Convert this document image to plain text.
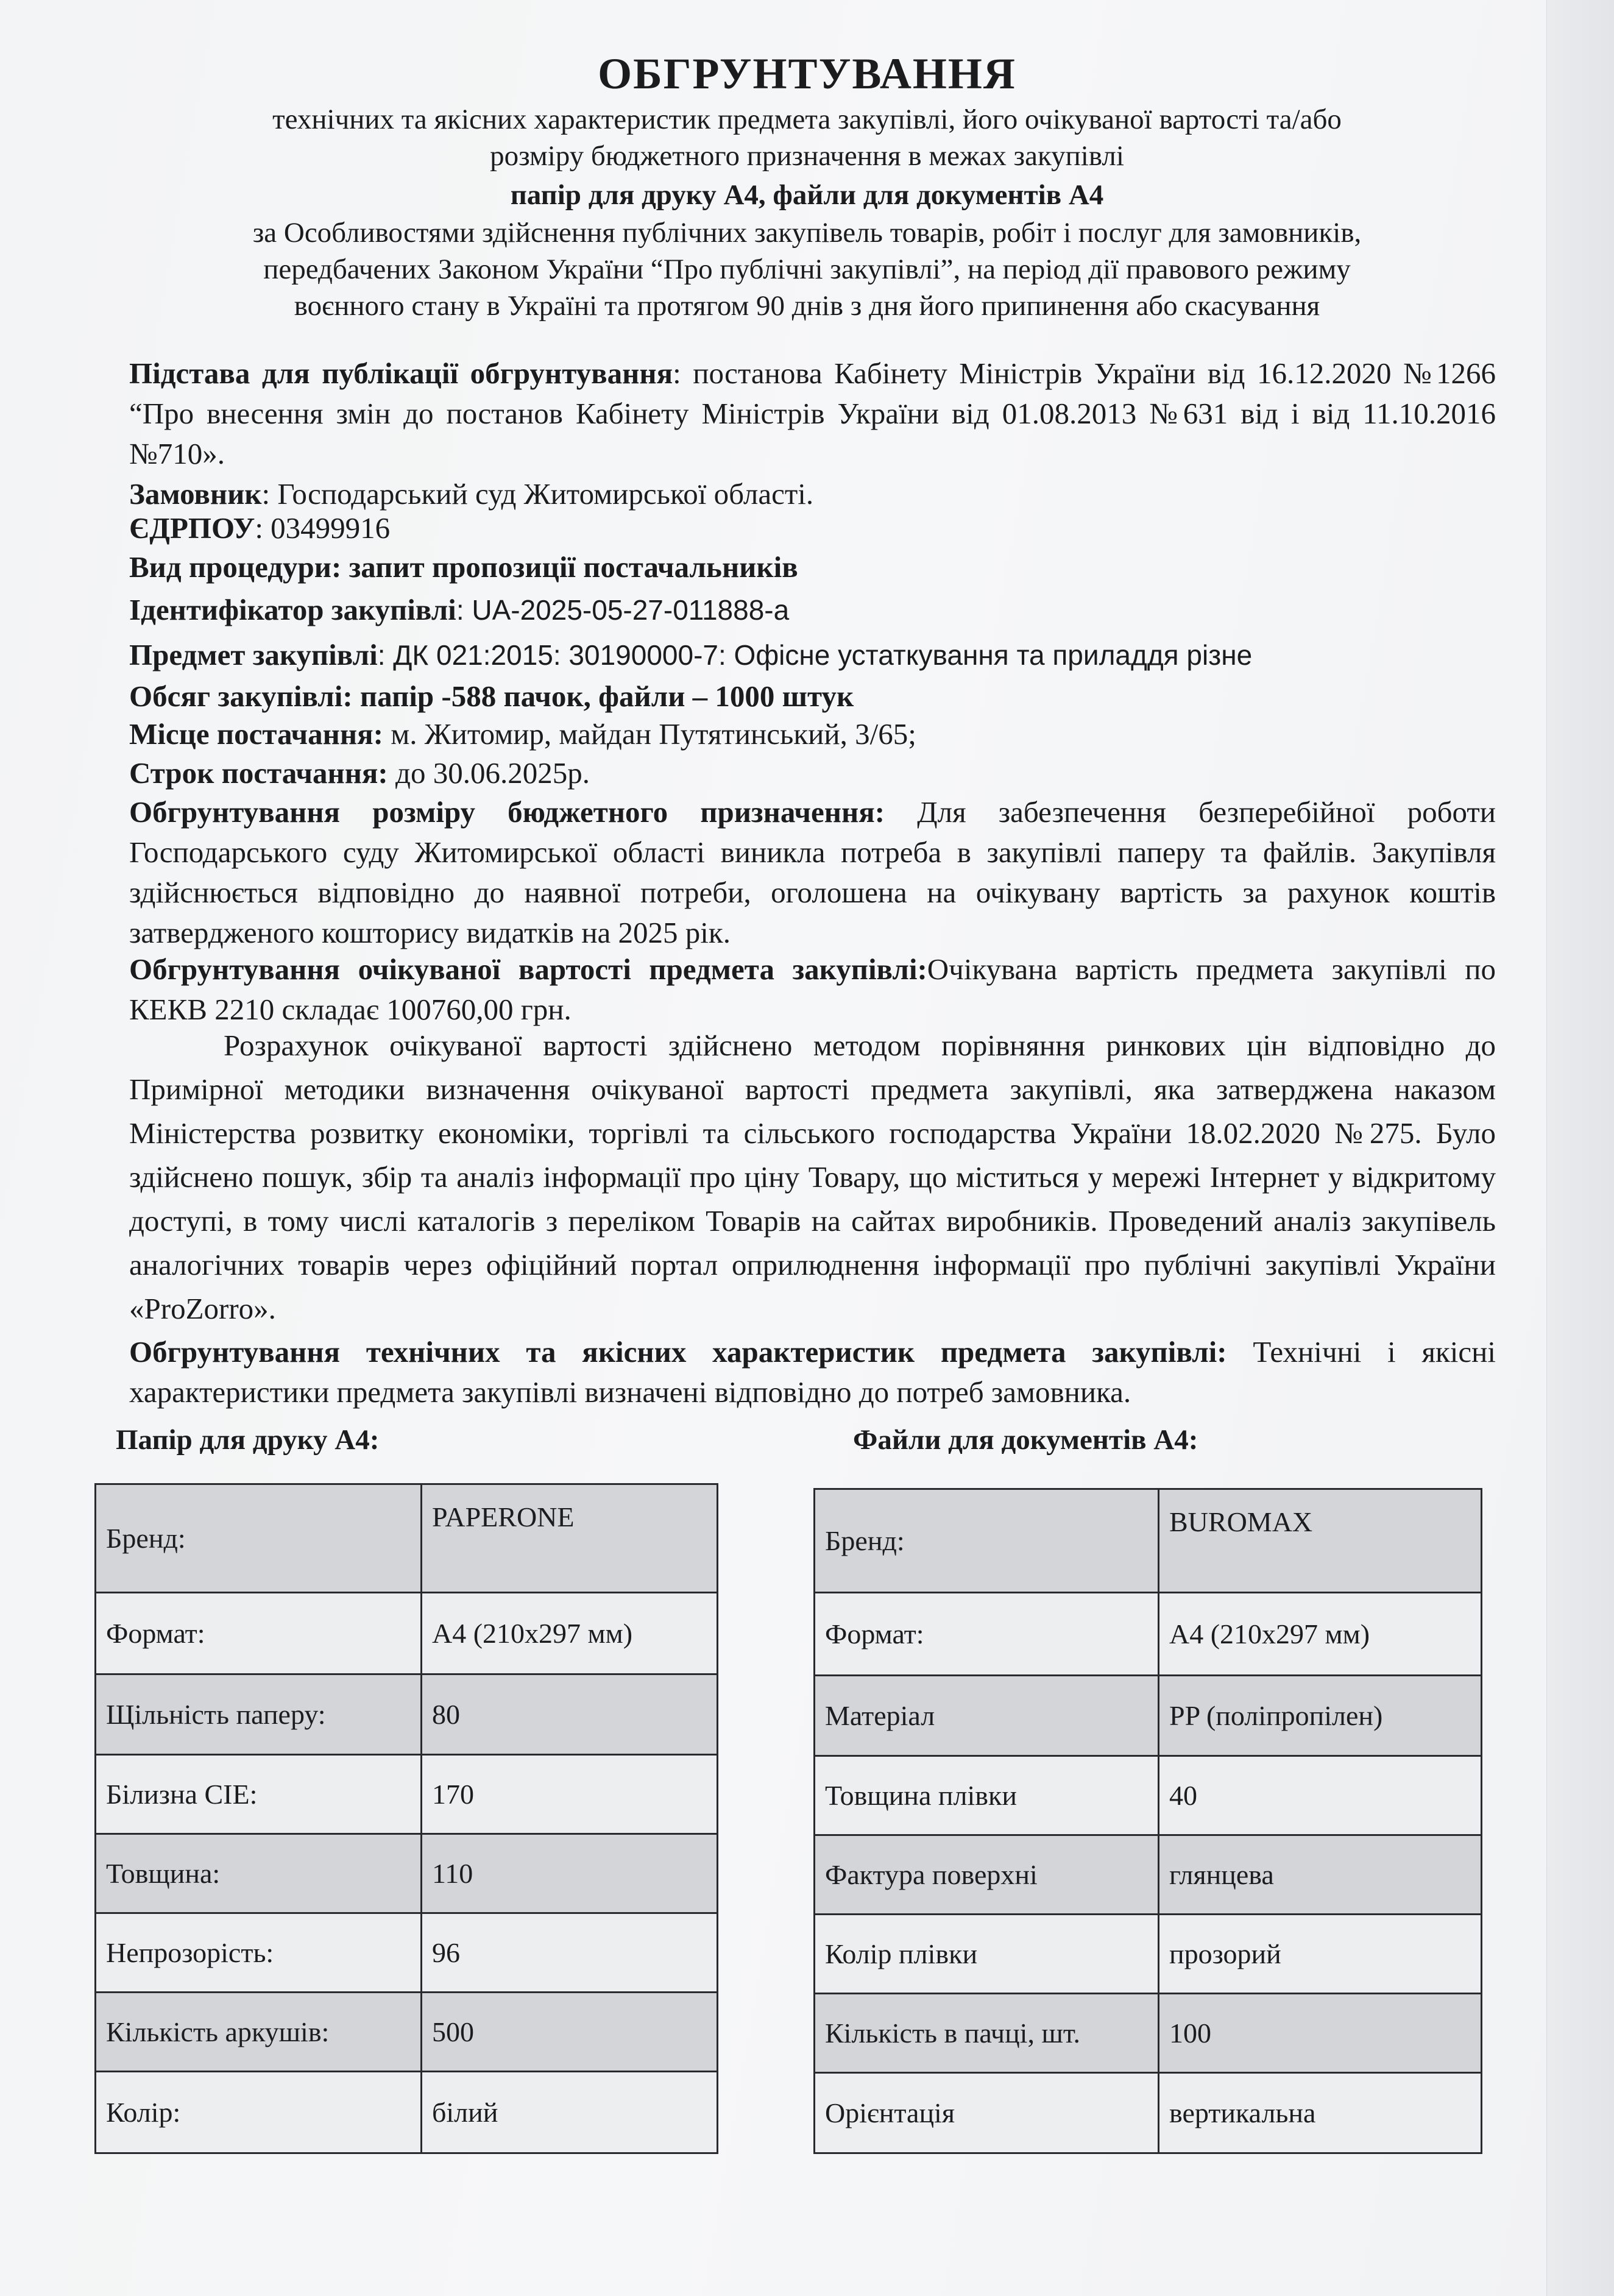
ОБГРУНТУВАННЯ
технічних та якісних характеристик предмета закупівлі, його очікуваної вартості та/або
розміру бюджетного призначення в межах закупівлі
папір для друку А4, файли для документів А4
за Особливостями здійснення публічних закупівель товарів, робіт і послуг для замовників,
передбачених Законом України “Про публічні закупівлі”, на період дії правового режиму
воєнного стану в Україні та протягом 90 днів з дня його припинення або скасування

Підстава для публікації обгрунтування: постанова Кабінету Міністрів України від 16.12.2020 №1266 “Про внесення змін до постанов Кабінету Міністрів України від 01.08.2013 №631 від і від 11.10.2016 №710».

Замовник: Господарський суд Житомирської області.

ЄДРПОУ: 03499916

Вид процедури: запит пропозиції постачальників

Ідентифікатор закупівлі: UA-2025-05-27-011888-a

Предмет закупівлі: ДК 021:2015: 30190000-7: Офісне устаткування та приладдя різне

Обсяг закупівлі: папір -588 пачок, файли – 1000 штук

Місце постачання: м. Житомир, майдан Путятинський, 3/65;

Строк постачання: до 30.06.2025р.

Обгрунтування розміру бюджетного призначення: Для забезпечення безперебійної роботи Господарського суду Житомирської області виникла потреба в закупівлі паперу та файлів. Закупівля здійснюється відповідно до наявної потреби, оголошена на очікувану вартість за рахунок коштів затвердженого кошторису видатків на 2025 рік.

Обгрунтування очікуваної вартості предмета закупівлі:Очікувана вартість предмета закупівлі по КЕКВ 2210 складає 100760,00 грн.

Розрахунок очікуваної вартості здійснено методом порівняння ринкових цін відповідно до Примірної методики визначення очікуваної вартості предмета закупівлі, яка затверджена наказом Міністерства розвитку економіки, торгівлі та сільського господарства України 18.02.2020 №275. Було здійснено пошук, збір та аналіз інформації про ціну Товару, що міститься у мережі Інтернет у відкритому доступі, в тому числі каталогів з переліком Товарів на сайтах виробників. Проведений аналіз закупівель аналогічних товарів через офіційний портал оприлюднення інформації про публічні закупівлі України «ProZorro».

Обгрунтування технічних та якісних характеристик предмета закупівлі: Технічні і якісні характеристики предмета закупівлі визначені відповідно до потреб замовника.

Папір для друку А4:	Файли для документів А4:
Бренд:	PAPERONE
Формат:	А4 (210х297 мм)
Щільність паперу:	80
Білизна CIE:	170
Товщина:	110
Непрозорість:	96
Кількість аркушів:	500
Колір:	білий
Бренд:	BUROMAX
Формат:	А4 (210х297 мм)
Матеріал	PP (поліпропілен)
Товщина плівки	40
Фактура поверхні	глянцева
Колір плівки	прозорий
Кількість в пачці, шт.	100
Орієнтація	вертикальна
